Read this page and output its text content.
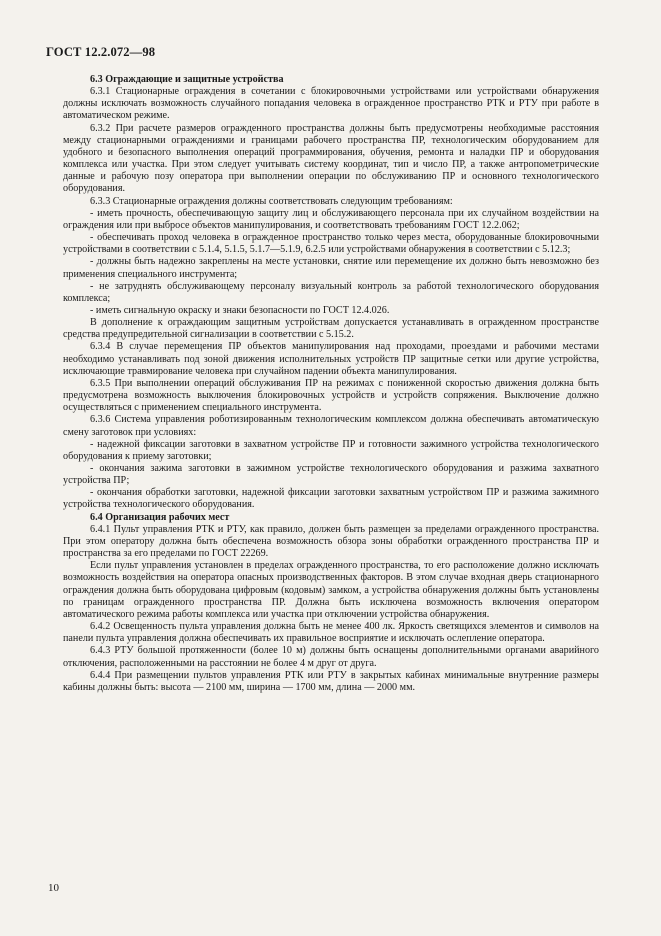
ГОСТ 12.2.072—98
6.3 Ограждающие и защитные устройства

6.3.1 Стационарные ограждения в сочетании с блокировочными устройствами или устройствами обнаружения должны исключать возможность случайного попадания человека в огражденное пространство РТК и РТУ при работе в автоматическом режиме.

6.3.2 При расчете размеров огражденного пространства должны быть предусмотрены необходимые расстояния между стационарными ограждениями и границами рабочего пространства ПР, технологическим оборудованием для удобного и безопасного выполнения операций программирования, обучения, ремонта и наладки ПР и оборудования комплекса или участка. При этом следует учитывать систему координат, тип и число ПР, а также антропометрические данные и рабочую позу оператора при выполнении операции по обслуживанию ПР и основного технологического оборудования.

6.3.3 Стационарные ограждения должны соответствовать следующим требованиям:

- иметь прочность, обеспечивающую защиту лиц и обслуживающего персонала при их случайном воздействии на ограждения или при выбросе объектов манипулирования, и соответствовать требованиям ГОСТ 12.2.062;

- обеспечивать проход человека в огражденное пространство только через места, оборудованные блокировочными устройствами в соответствии с 5.1.4, 5.1.5, 5.1.7—5.1.9, 6.2.5 или устройствами обнаружения в соответствии с 5.12.3;

- должны быть надежно закреплены на месте установки, снятие или перемещение их должно быть невозможно без применения специального инструмента;

- не затруднять обслуживающему персоналу визуальный контроль за работой технологического оборудования комплекса;

- иметь сигнальную окраску и знаки безопасности по ГОСТ 12.4.026.

В дополнение к ограждающим защитным устройствам допускается устанавливать в огражденном пространстве средства предупредительной сигнализации в соответствии с 5.15.2.

6.3.4 В случае перемещения ПР объектов манипулирования над проходами, проездами и рабочими местами необходимо устанавливать под зоной движения исполнительных устройств ПР защитные сетки или другие устройства, исключающие травмирование человека при случайном падении объекта манипулирования.

6.3.5 При выполнении операций обслуживания ПР на режимах с пониженной скоростью движения должна быть предусмотрена возможность выключения блокировочных устройств и устройств сопряжения. Выключение должно осуществляться с применением специального инструмента.

6.3.6 Система управления роботизированным технологическим комплексом должна обеспечивать автоматическую смену заготовок при условиях:

- надежной фиксации заготовки в захватном устройстве ПР и готовности зажимного устройства технологического оборудования к приему заготовки;

- окончания зажима заготовки в зажимном устройстве технологического оборудования и разжима захватного устройства ПР;

- окончания обработки заготовки, надежной фиксации заготовки захватным устройством ПР и разжима зажимного устройства технологического оборудования.

6.4 Организация рабочих мест

6.4.1 Пульт управления РТК и РТУ, как правило, должен быть размещен за пределами огражденного пространства. При этом оператору должна быть обеспечена возможность обзора зоны обработки огражденного пространства ПР и пространства за его пределами по ГОСТ 22269.

Если пульт управления установлен в пределах огражденного пространства, то его расположение должно исключать возможность воздействия на оператора опасных производственных факторов. В этом случае входная дверь стационарного ограждения должна быть оборудована цифровым (кодовым) замком, а устройства обнаружения должны быть установлены по границам огражденного пространства ПР. Должна быть исключена возможность включения оператором автоматического режима работы комплекса или участка при отключении устройства обнаружения.

6.4.2 Освещенность пульта управления должна быть не менее 400 лк. Яркость светящихся элементов и символов на панели пульта управления должна обеспечивать их правильное восприятие и исключать ослепление оператора.

6.4.3 РТУ большой протяженности (более 10 м) должны быть оснащены дополнительными органами аварийного отключения, расположенными на расстоянии не более 4 м друг от друга.

6.4.4 При размещении пультов управления РТК или РТУ в закрытых кабинах минимальные внутренние размеры кабины должны быть: высота — 2100 мм, ширина — 1700 мм, длина — 2000 мм.

10
